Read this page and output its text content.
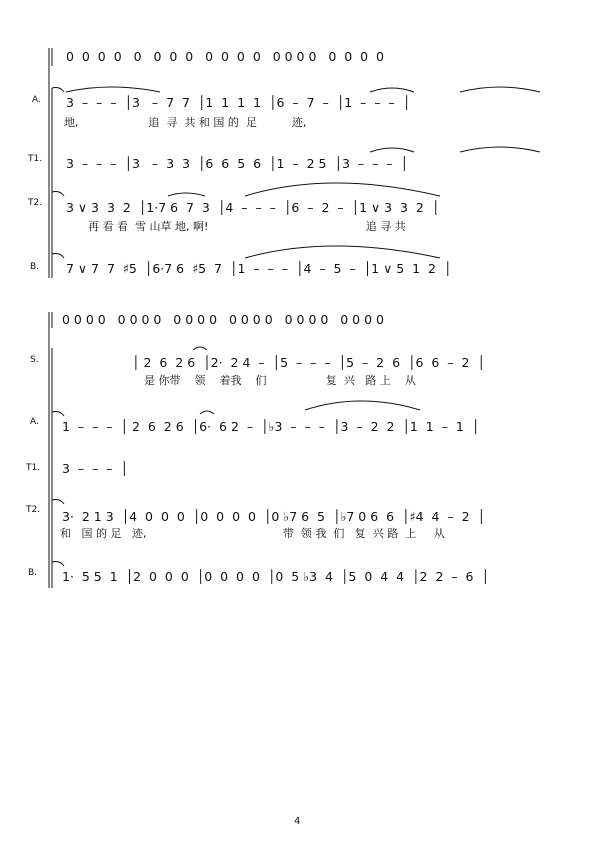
0  0  0  0   0   0  0  0   0  0  0  0   0 0 0 0   0  0  0  0
A. 3  –  –  –  │3   –  7  7  │1  1  1  1  │6  –  7  –  │1  –  –  –  │
地,                    追  寻  共 和 国 的  足          迹,
T1. 3  –  –  –  │3   –  3  3  │6  6  5  6  │1  –  2 5  │3  –  –  –  │
T2. 3 ∨ 3  3  2  │1·7 6  7  3  │4  –  –  –  │6  –  2  –  │1 ∨ 3  3  2  │
再 看 看  雪 山草 地, 啊!                                             追 寻 共
B. 7 ∨ 7  7  ♯5  │6·7 6  ♯5  7  │1  –  –  –  │4  –  5  –  │1 ∨ 5  1  2  │
0 0 0 0   0 0 0 0   0 0 0 0   0 0 0 0   0 0 0 0   0 0 0 0
S.	│ 2  6  2 6  │2·  2 4  –  │5  –  –  –  │5  –  2  6  │6  6  –  2  │
是 你带    领    着我    们                 复  兴   路 上    从
A. 1  –  –  –  │ 2  6  2 6  │6·  6 2  –  │♭3  –  –  –  │3  –  2  2  │1  1  –  1  │
T1. 3  –  –  –  │
T2. 3·  2 1 3  │4  0  0  0  │0  0  0  0  │0 ♭7 6  5  │♭7 0 6  6  │♯4  4  –  2  │
和   国 的 足   迹,                                       带  领 我  们   复  兴 路  上     从
B. 1·  5 5  1  │2  0  0  0  │0  0  0  0  │0  5 ♭3  4  │5  0  4  4  │2  2  –  6  │
4
